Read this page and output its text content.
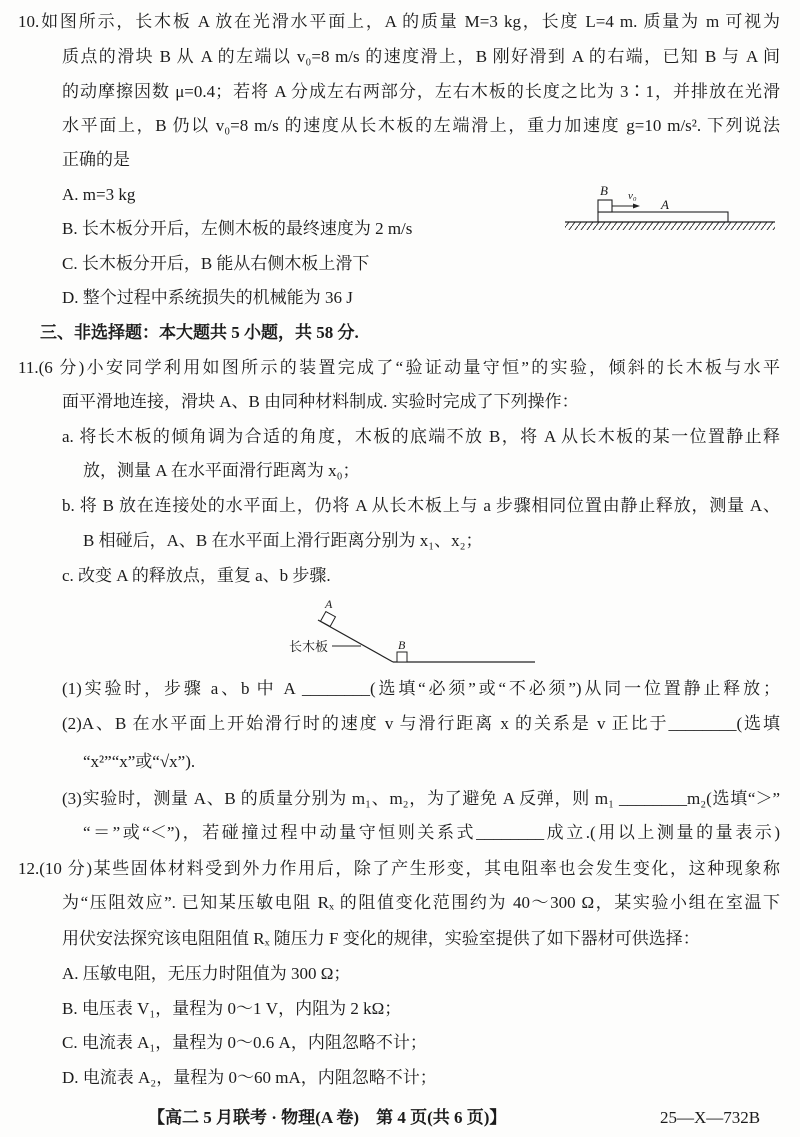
10.如图所示，长木板 A 放在光滑水平面上，A 的质量 M=3 kg，长度 L=4 m. 质量为 m 可视为
质点的滑块 B 从 A 的左端以 v₀=8 m/s 的速度滑上，B 刚好滑到 A 的右端，已知 B 与 A 间
的动摩擦因数 μ=0.4；若将 A 分成左右两部分，左右木板的长度之比为 3∶1，并排放在光滑
水平面上，B 仍以 v₀=8 m/s 的速度从长木板的左端滑上，重力加速度 g=10 m/s². 下列说法
正确的是
A. m=3 kg
B. 长木板分开后，左侧木板的最终速度为 2 m/s
C. 长木板分开后，B 能从右侧木板上滑下
D. 整个过程中系统损失的机械能为 36 J
B v₀
A
三、非选择题：本大题共 5 小题，共 58 分.
11.(6 分)小安同学利用如图所示的装置完成了“验证动量守恒”的实验，倾斜的长木板与水平
面平滑地连接，滑块 A、B 由同种材料制成. 实验时完成了下列操作：
a. 将长木板的倾角调为合适的角度，木板的底端不放 B，将 A 从长木板的某一位置静止释
放，测量 A 在水平面滑行距离为 x₀；
b. 将 B 放在连接处的水平面上，仍将 A 从长木板上与 a 步骤相同位置由静止释放，测量 A、
B 相碰后，A、B 在水平面上滑行距离分别为 x₁、x₂；
c. 改变 A 的释放点，重复 a、b 步骤.
A
长木板	B
(1)实验时，步骤 a、b 中 A ________(选填“必须”或“不必须”)从同一位置静止释放；
(2)A、B 在水平面上开始滑行时的速度 v 与滑行距离 x 的关系是 v 正比于________(选填
“x²”“x”或“√x”).
(3)实验时，测量 A、B 的质量分别为 m₁、m₂，为了避免 A 反弹，则 m₁ ________m₂(选填“＞”
“＝”或“＜”)，若碰撞过程中动量守恒则关系式________成立.(用以上测量的量表示)
12.(10 分)某些固体材料受到外力作用后，除了产生形变，其电阻率也会发生变化，这种现象称
为“压阻效应”. 已知某压敏电阻 Rₓ 的阻值变化范围约为 40～300 Ω，某实验小组在室温下
用伏安法探究该电阻阻值 Rₓ 随压力 F 变化的规律，实验室提供了如下器材可供选择：
A. 压敏电阻，无压力时阻值为 300 Ω；
B. 电压表 V₁，量程为 0～1 V，内阻为 2 kΩ；
C. 电流表 A₁，量程为 0～0.6 A，内阻忽略不计；
D. 电流表 A₂，量程为 0～60 mA，内阻忽略不计；
【高二 5 月联考 · 物理(A 卷)　第 4 页(共 6 页)】	25—X—732B
